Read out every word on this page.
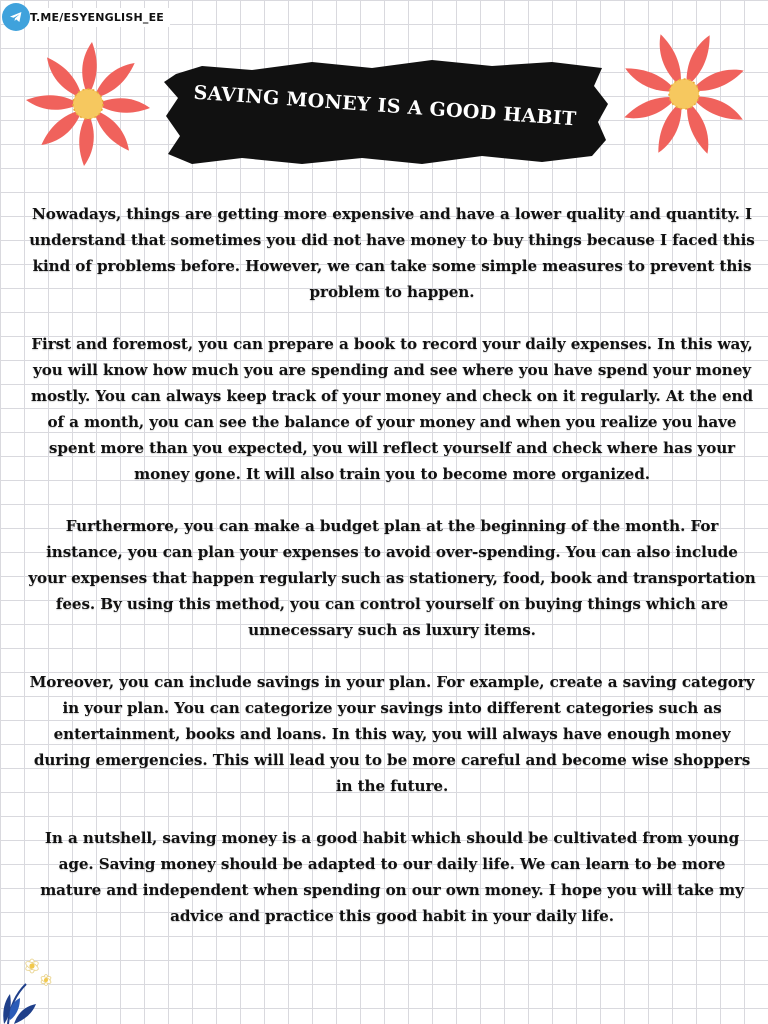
T.ME/ESYENGLISH_EE
SAVING MONEY IS A GOOD HABIT

Nowadays, things are getting more expensive and have a lower quality and quantity. I understand that sometimes you did not have money to buy things because I faced this kind of problems before. However, we can take some simple measures to prevent this problem to happen.

First and foremost, you can prepare a book to record your daily expenses. In this way, you will know how much you are spending and see where you have spend your money mostly. You can always keep track of your money and check on it regularly. At the end of a month, you can see the balance of your money and when you realize you have spent more than you expected, you will reflect yourself and check where has your money gone. It will also train you to become more organized.

Furthermore, you can make a budget plan at the beginning of the month. For instance, you can plan your expenses to avoid over-spending. You can also include your expenses that happen regularly such as stationery, food, book and transportation fees. By using this method, you can control yourself on buying things which are unnecessary such as luxury items.

Moreover, you can include savings in your plan. For example, create a saving category in your plan. You can categorize your savings into different categories such as entertainment, books and loans. In this way, you will always have enough money during emergencies. This will lead you to be more careful and become wise shoppers in the future.

In a nutshell, saving money is a good habit which should be cultivated from young age. Saving money should be adapted to our daily life. We can learn to be more mature and independent when spending on our own money. I hope you will take my advice and practice this good habit in your daily life.
